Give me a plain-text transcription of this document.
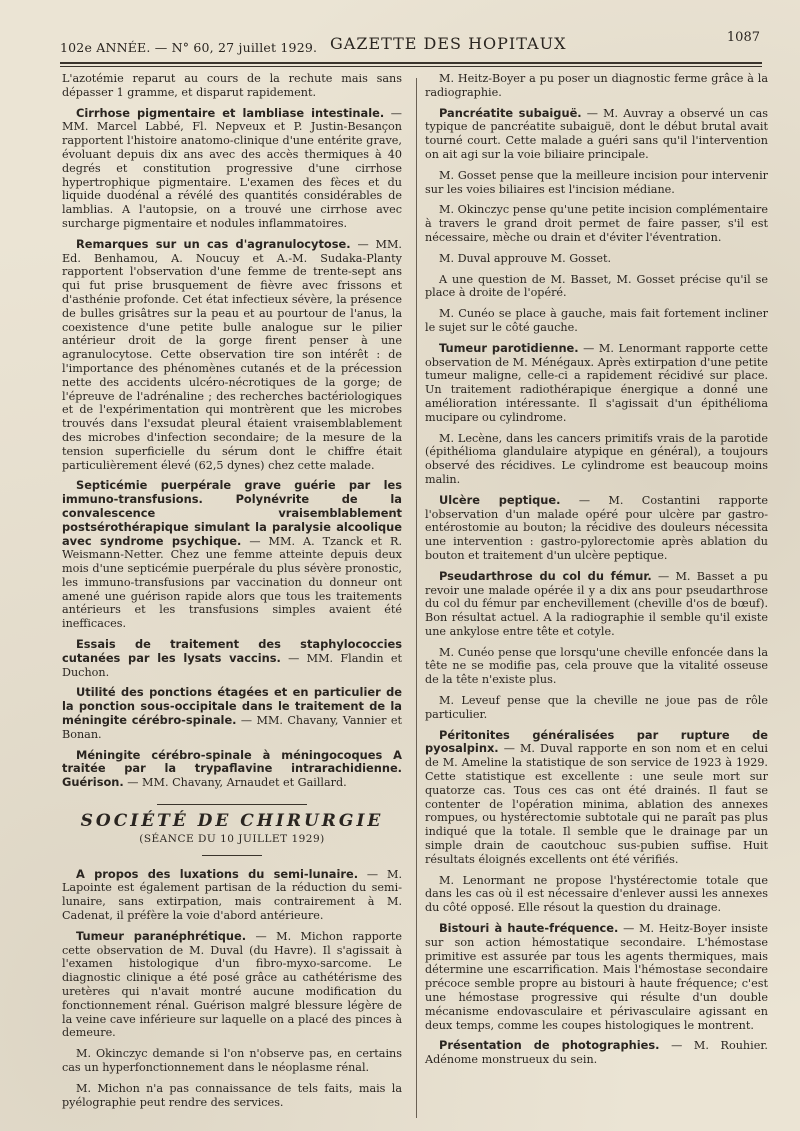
102e ANNÉE. — N° 60, 27 juillet 1929. GAZETTE DES HOPITAUX	1087

L'azotémie reparut au cours de la rechute mais sans dépasser 1 gramme, et disparut rapidement.

Cirrhose pigmentaire et lambliase intestinale. — MM. Marcel Labbé, Fl. Nepveux et P. Justin-Besançon rapportent l'histoire anatomo-clinique d'une entérite grave, évoluant depuis dix ans avec des accès thermiques à 40 degrés et constitution progressive d'une cirrhose hypertrophique pigmentaire. L'examen des fèces et du liquide duodénal a révélé des quantités considérables de lamblias. A l'autopsie, on a trouvé une cirrhose avec surcharge pigmentaire et nodules inflammatoires.

Remarques sur un cas d'agranulocytose. — MM. Ed. Benhamou, A. Noucuy et A.-M. Sudaka-Planty rapportent l'observation d'une femme de trente-sept ans qui fut prise brusquement de fièvre avec frissons et d'asthénie profonde. Cet état infectieux sévère, la présence de bulles grisâtres sur la peau et au pourtour de l'anus, la coexistence d'une petite bulle analogue sur le pilier antérieur droit de la gorge firent penser à une agranulocytose. Cette observation tire son intérêt : de l'importance des phénomènes cutanés et de la précession nette des accidents ulcéro-nécrotiques de la gorge; de l'épreuve de l'adrénaline ; des recherches bactériologiques et de l'expérimentation qui montrèrent que les microbes trouvés dans l'exsudat pleural étaient vraisemblablement des microbes d'infection secondaire; de la mesure de la tension superficielle du sérum dont le chiffre était particulièrement élevé (62,5 dynes) chez cette malade.

Septicémie puerpérale grave guérie par les immuno-transfusions. Polynévrite de la convalescence vraisemblablement postsérothérapique simulant la paralysie alcoolique avec syndrome psychique. — MM. A. Tzanck et R. Weismann-Netter. Chez une femme atteinte depuis deux mois d'une septicémie puerpérale du plus sévère pronostic, les immuno-transfusions par vaccination du donneur ont amené une guérison rapide alors que tous les traitements antérieurs et les transfusions simples avaient été inefficaces.

Essais de traitement des staphylococcies cutanées par les lysats vaccins. — MM. Flandin et Duchon.

Utilité des ponctions étagées et en particulier de la ponction sous-occipitale dans le traitement de la méningite cérébro-spinale. — MM. Chavany, Vannier et Bonan.

Méningite cérébro-spinale à méningocoques A traitée par la trypaflavine intrarachidienne. Guérison. — MM. Chavany, Arnaudet et Gaillard.

SOCIÉTÉ DE CHIRURGIE
(SÉANCE DU 10 JUILLET 1929)

A propos des luxations du semi-lunaire. — M. Lapointe est également partisan de la réduction du semi-lunaire, sans extirpation, mais contrairement à M. Cadenat, il préfère la voie d'abord antérieure.

Tumeur paranéphrétique. — M. Michon rapporte cette observation de M. Duval (du Havre). Il s'agissait à l'examen histologique d'un fibro-myxo-sarcome. Le diagnostic clinique a été posé grâce au cathétérisme des uretères qui n'avait montré aucune modification du fonctionnement rénal. Guérison malgré blessure légère de la veine cave inférieure sur laquelle on a placé des pinces à demeure.

M. Okinczyc demande si l'on n'observe pas, en certains cas un hyperfonctionnement dans le néoplasme rénal.

M. Michon n'a pas connaissance de tels faits, mais la pyélographie peut rendre des services.

M. Heitz-Boyer a pu poser un diagnostic ferme grâce à la radiographie.

Pancréatite subaiguë. — M. Auvray a observé un cas typique de pancréatite subaiguë, dont le début brutal avait tourné court. Cette malade a guéri sans qu'il l'intervention on ait agi sur la voie biliaire principale.

M. Gosset pense que la meilleure incision pour intervenir sur les voies biliaires est l'incision médiane.

M. Okinczyc pense qu'une petite incision complémentaire à travers le grand droit permet de faire passer, s'il est nécessaire, mèche ou drain et d'éviter l'éventration.

M. Duval approuve M. Gosset.

A une question de M. Basset, M. Gosset précise qu'il se place à droite de l'opéré.

M. Cunéo se place à gauche, mais fait fortement incliner le sujet sur le côté gauche.

Tumeur parotidienne. — M. Lenormant rapporte cette observation de M. Ménégaux. Après extirpation d'une petite tumeur maligne, celle-ci a rapidement récidivé sur place. Un traitement radiothérapique énergique a donné une amélioration intéressante. Il s'agissait d'un épithélioma mucipare ou cylindrome.

M. Lecène, dans les cancers primitifs vrais de la parotide (épithélioma glandulaire atypique en général), a toujours observé des récidives. Le cylindrome est beaucoup moins malin.

Ulcère peptique. — M. Costantini rapporte l'observation d'un malade opéré pour ulcère par gastro-entérostomie au bouton; la récidive des douleurs nécessita une intervention : gastro-pylorectomie après ablation du bouton et traitement d'un ulcère peptique.

Pseudarthrose du col du fémur. — M. Basset a pu revoir une malade opérée il y a dix ans pour pseudarthrose du col du fémur par enchevillement (cheville d'os de bœuf). Bon résultat actuel. A la radiographie il semble qu'il existe une ankylose entre tête et cotyle.

M. Cunéo pense que lorsqu'une cheville enfoncée dans la tête ne se modifie pas, cela prouve que la vitalité osseuse de la tête n'existe plus.

M. Leveuf pense que la cheville ne joue pas de rôle particulier.

Péritonites généralisées par rupture de pyosalpinx. — M. Duval rapporte en son nom et en celui de M. Ameline la statistique de son service de 1923 à 1929. Cette statistique est excellente : une seule mort sur quatorze cas. Tous ces cas ont été drainés. Il faut se contenter de l'opération minima, ablation des annexes rompues, ou hystérectomie subtotale qui ne paraît pas plus indiqué que la totale. Il semble que le drainage par un simple drain de caoutchouc sus-pubien suffise. Huit résultats éloignés excellents ont été vérifiés.

M. Lenormant ne propose l'hystérectomie totale que dans les cas où il est nécessaire d'enlever aussi les annexes du côté opposé. Elle résout la question du drainage.

Bistouri à haute-fréquence. — M. Heitz-Boyer insiste sur son action hémostatique secondaire. L'hémostase primitive est assurée par tous les agents thermiques, mais détermine une escarrification. Mais l'hémostase secondaire précoce semble propre au bistouri à haute fréquence; c'est une hémostase progressive qui résulte d'un double mécanisme endovasculaire et périvasculaire agissant en deux temps, comme les coupes histologiques le montrent.

Présentation de photographies. — M. Rouhier. Adénome monstrueux du sein.
